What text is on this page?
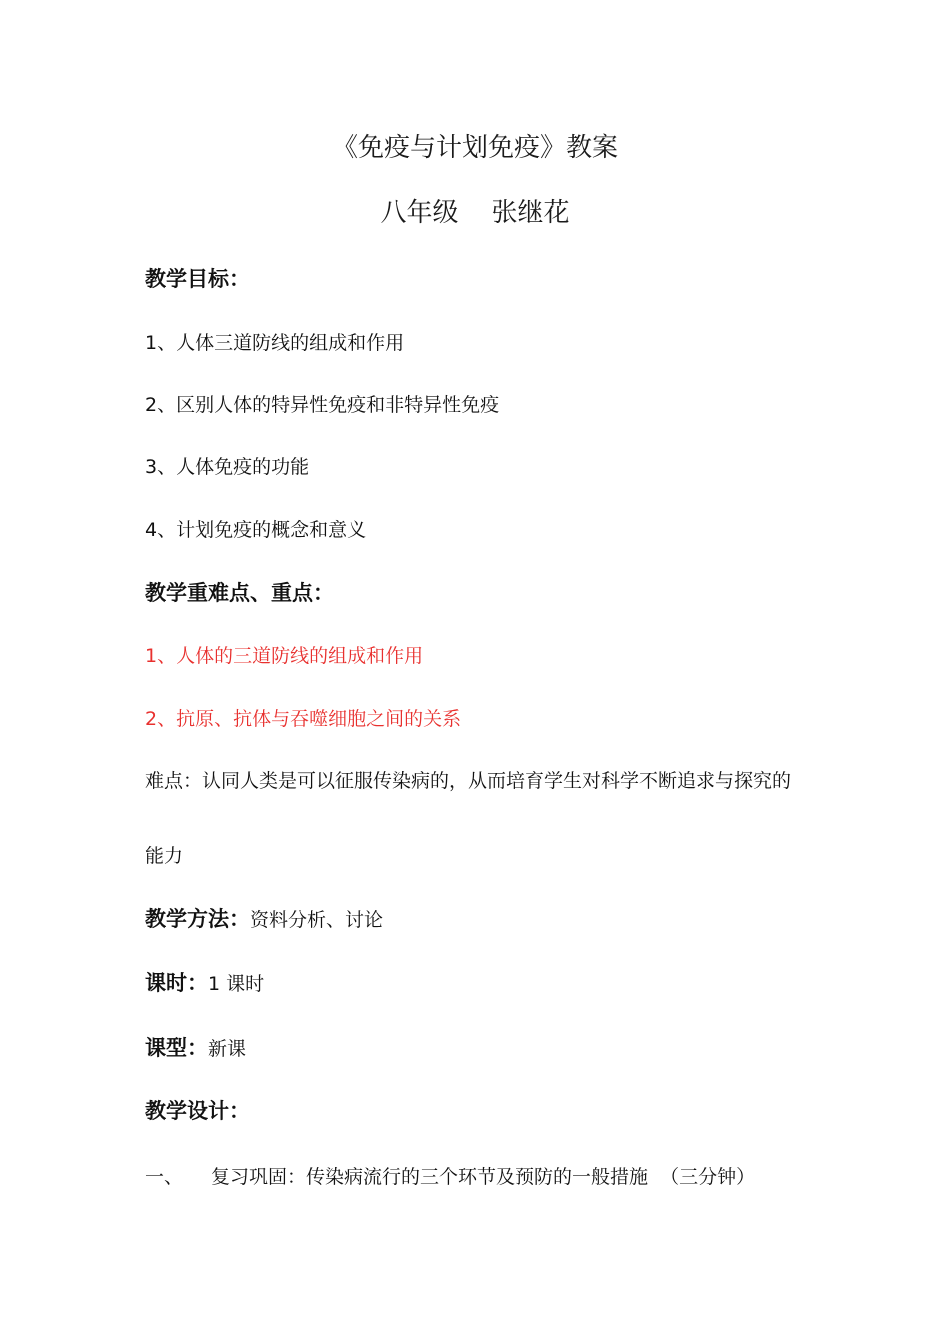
《免疫与计划免疫》教案
八年级    张继花
教学目标：
1、人体三道防线的组成和作用
2、区别人体的特异性免疫和非特异性免疫
3、人体免疫的功能
4、计划免疫的概念和意义
教学重难点、重点：
1、人体的三道防线的组成和作用
2、抗原、抗体与吞噬细胞之间的关系
难点：认同人类是可以征服传染病的，从而培育学生对科学不断追求与探究的
能力
教学方法：资料分析、讨论
课时：1 课时
课型：新课
教学设计：
一、 复习巩固：传染病流行的三个环节及预防的一般措施  （三分钟）
